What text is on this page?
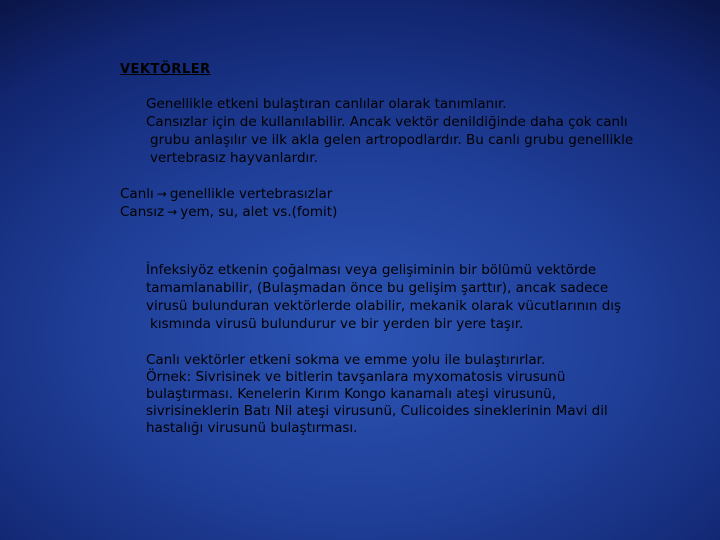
VEKTÖRLER

Genellikle etkeni bulaştıran canlılar olarak tanımlanır.

Cansızlar için de kullanılabilir. Ancak vektör denildiğinde daha çok canlı

grubu anlaşılır ve ilk akla gelen artropodlardır. Bu canlı grubu genellikle

vertebrasız hayvanlardır.

Canlı → genellikle vertebrasızlar

Cansız → yem, su, alet vs.(fomit)

İnfeksiyöz etkenin çoğalması veya gelişiminin bir bölümü vektörde

tamamlanabilir, (Bulaşmadan önce bu gelişim şarttır), ancak sadece

virusü bulunduran vektörlerde olabilir, mekanik olarak vücutlarının dış

kısmında virusü bulundurur ve bir yerden bir yere taşır.

Canlı vektörler etkeni sokma ve emme yolu ile bulaştırırlar.

Örnek: Sivrisinek ve bitlerin tavşanlara myxomatosis virusunü

bulaştırması. Kenelerin Kırım Kongo kanamalı ateşi virusunü,

sivrisineklerin Batı Nil ateşi virusunü, Culicoides sineklerinin Mavi dil

hastalığı virusunü bulaştırması.
